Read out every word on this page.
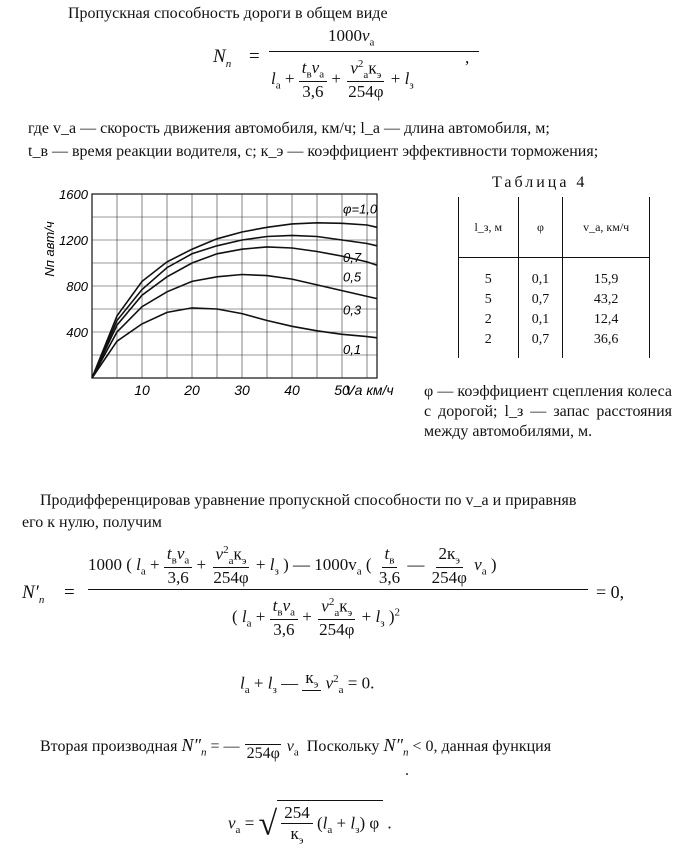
Пропускная способность дороги в общем виде
$N_п$ =
$1000v_а$
$l_а + \frac{t_вv_а}{3,6} + \frac{v^2_ак_э}{254\varphi} + l_з$
,
где v_а — скорость движения автомобиля, км/ч; l_а — длина автомобиля, м;
t_в — время реакции водителя, с; к_э — коэффициент эффективности торможения;
10 20 30 40 50
400
800
1200
1600
Vа км/ч
Nп авт/ч
φ=1,0
0,7
0,5
0,3
0,1
Таблица 4
l_з, м	φ	v_а, км/ч
5	0,1	15,9
5	0,7	43,2
2	0,1	12,4
2	0,7	36,6
φ — коэффициент сцепления колеса с дорогой; l_з — запас расстояния между автомобилями, м.
Продифференцировав уравнение пропускной способности по v_а и приравняв
его к нулю, получим
$N'_п$ =
1000 ( $l_а + \frac{t_вv_а}{3,6} + \frac{v^2_ак_э}{254\varphi} + l_з$ ) — $1000v_а$ ( $\frac{t_в}{3,6}$ — $\frac{2к_э}{254\varphi} v_а$ )
( $l_а + \frac{t_вv_а}{3,6} + \frac{v^2_ак_э}{254\varphi} + l_з$ )$^2$
= 0,
$l_а + l_з$ — $к_э$ $v^2_а = 0$.
Вторая производная $N''_п$ = — 254φ $v_а$ Поскольку $N''_п < 0$, данная функция
.
$v_а$ = √ $\frac{254}{к_э} (l_а + l_з)$ φ .
